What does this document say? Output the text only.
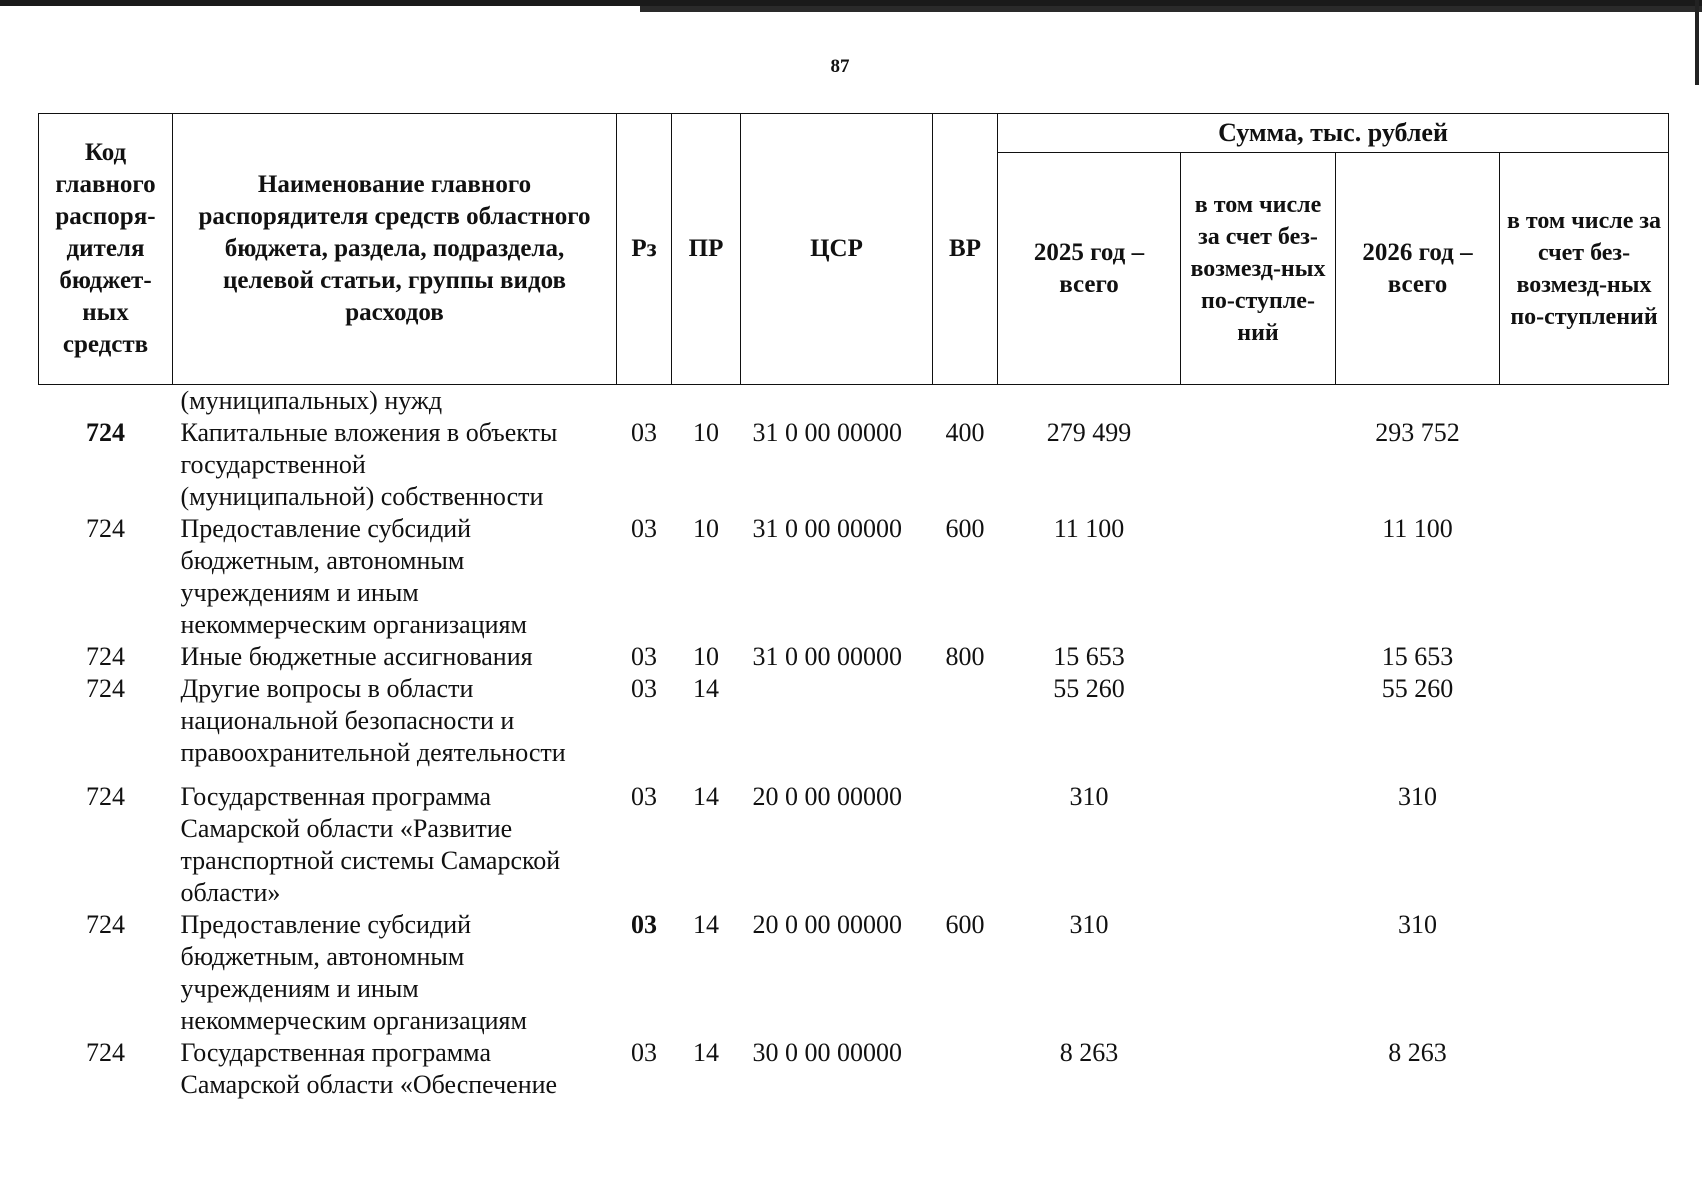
87
Код главного распоря-дителя бюджет-ных средств	Наименование главного распорядителя средств областного бюджета, раздела, подраздела, целевой статьи, группы видов расходов	Рз	ПР	ЦСР	ВР	Сумма, тыс. рублей			
						2025 год – всего	в том числе за счет без-возмезд-ных по-ступле-ний	2026 год – всего	в том числе за счет без-возмезд-ных по-ступлений
	(муниципальных) нужд								
724	Капитальные вложения в объекты
государственной
(муниципальной) собственности	03	10	31 0 00 00000	400	279 499		293 752	
724	Предоставление субсидий
бюджетным, автономным
учреждениям и иным
некоммерческим организациям	03	10	31 0 00 00000	600	11 100		11 100	
724	Иные бюджетные ассигнования	03	10	31 0 00 00000	800	15 653		15 653	
724	Другие вопросы в области
национальной безопасности и
правоохранительной деятельности	03	14			55 260		55 260	

724	Государственная программа
Самарской области «Развитие
транспортной системы Самарской
области»	03	14	20 0 00 00000		310		310	
724	Предоставление субсидий
бюджетным, автономным
учреждениям и иным
некоммерческим организациям	03	14	20 0 00 00000	600	310		310	
724	Государственная программа
Самарской области «Обеспечение	03	14	30 0 00 00000		8 263		8 263	
